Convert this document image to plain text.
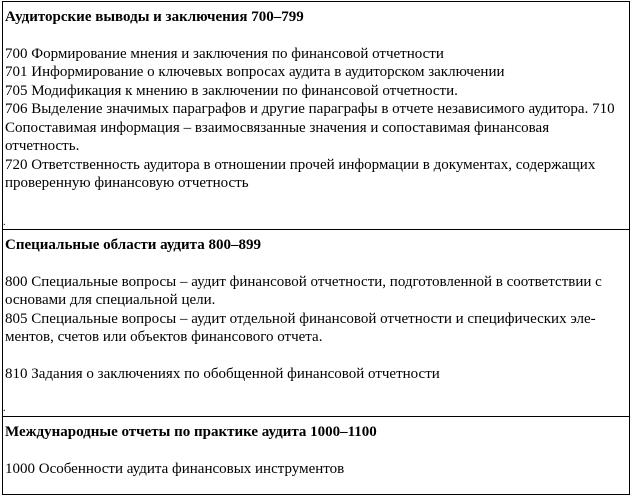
Аудиторские выводы и заключения 700–799

700 Формирование мнения и заключения по финансовой отчетности

701 Информирование о ключевых вопросах аудита в аудиторском заключении

705 Модификация к мнению в заключении по финансовой отчетности.

706 Выделение значимых параграфов и другие параграфы в отчете независимого аудитора. 710 Сопоставимая информация – взаимосвязанные значения и сопоставимая финансовая отчетность.

720 Ответственность аудитора в отношении прочей информации в документах, содержащих проверенную финансовую отчетность

Специальные области аудита 800–899

800 Специальные вопросы – аудит финансовой отчетности, подготовленной в соответствии с основами для специальной цели.

805 Специальные вопросы – аудит отдельной финансовой отчетности и специфических эле- ментов, счетов или объектов финансового отчета.

810 Задания о заключениях по обобщенной финансовой отчетности

Международные отчеты по практике аудита 1000–1100

1000 Особенности аудита финансовых инструментов

.
.
